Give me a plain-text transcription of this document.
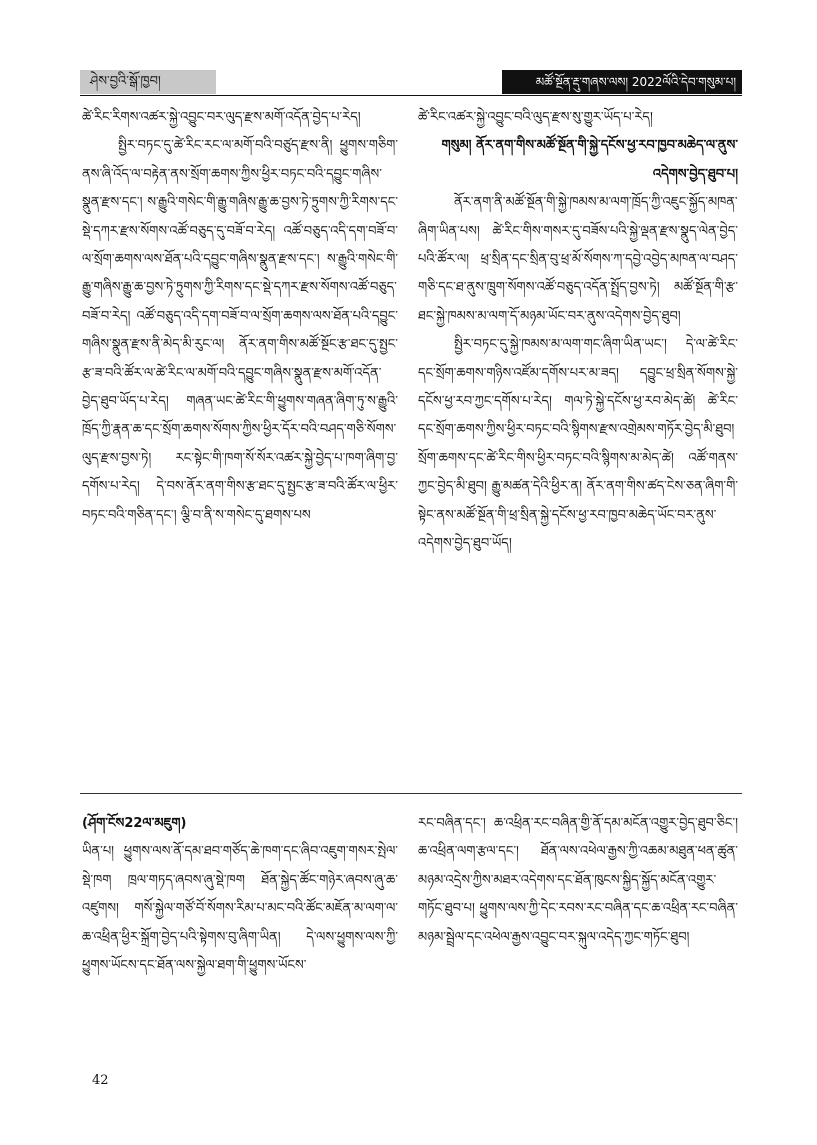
ཤེས་བྱའི་སྒོ་ཁྱབ།	མཚོ་སྔོན་རྡུ་གཞས་ལས། 2022ལོའི་དེབ་གསུམ་པ།

ཚེ་རིང་རིགས་འཚར་སྐྱེ་འབྱུང་བར་ལུད་རྫས་མགོ་འདོན་བྱེད་པ་རེད།

སྤྱིར་བཏང་དུ་ཚེ་རིང་རང་ལ་མགོ་བའི་བཙུད་རྫས་ནི། ཕྱུགས་གཅིག་ནས་ཞི་འོད་ལ་བརྟེན་ནས་སྲོག་ཆགས་ཀྱིས་ཕྱིར་བཏང་བའི་དབྱུང་གཞིས་སྣུན་རྫས་དང་། ས་རྒྱུའི་གསེང་གི་རྒྱུ་གཞིས་རྒྱུ་ཆ་བྱས་ཏེ་ཏྲུགས་ཀྱི་རིགས་དང་སྡེ་དཀར་རྫས་སོགས་འཚོ་བཅུད་དུ་བཟོ་བ་རེད། འཚོ་བཅུད་འདི་དག་བཟོ་བ་ལ་སྲོག་ཆགས་ལས་ཐོན་པའི་དབྱུང་གཞིས་སྣུན་རྫས་དང་། ས་རྒྱུའི་གསེང་གི་རྒྱུ་གཞིས་རྒྱུ་ཆ་བྱས་ཏེ་ཏྲུགས་ཀྱི་རིགས་དང་སྡེ་དཀར་རྫས་སོགས་འཚོ་བཅུད་བཟོ་བ་རེད། འཚོ་བཅུད་འདི་དག་བཟོ་བ་ལ་སྲོག་ཆགས་ལས་ཐོན་པའི་དབྱུང་གཞིས་སྣུན་རྫས་ནི་མེད་མི་རུང་ལ། ནོར་ནག་གིས་མཚོ་སྔོང་རྩ་ཐང་དུ་སྤྱང་རྩ་ཟ་བའི་ཚོར་ལ་ཚེ་རིང་ལ་མགོ་བའི་དབྱུང་གཞིས་སྣུན་རྫས་མགོ་འདོན་བྱེད་ཐུབ་ཡོད་པ་རེད། གཞན་ཡང་ཚེ་རིང་གི་ཕྱུགས་གཞན་ཞིག་ཏུ་ས་རྒྱུའི་ཁྲོད་ཀྱི་རྣན་ཆ་དང་སྲོག་ཆགས་སོགས་ཀྱིས་ཕྱིར་དོར་བའི་བཤད་གཅི་སོགས་ལུད་རྫས་བྱས་ཏེ། རང་སྟེང་གི་ཁག་སོ་སོར་འཚར་སྐྱེ་བྱེད་པ་ཁག་ཞིག་བྱ་དགོས་པ་རེད། དེ་བས་ནོར་ནག་གིས་རྩ་ཐང་དུ་སྤྱང་རྩ་ཟ་བའི་ཚོར་ལ་ཕྱིར་བཏང་བའི་གཅིན་དང་། ལྕི་བ་ནི་ས་གསེང་དུ་ཐགས་པས

ཚེ་རིང་འཚར་སྐྱེ་འབྱུང་བའི་ལུད་རྫས་སུ་གྱུར་ཡོད་པ་རེད།

གསུམ། ནོར་ནག་གིས་མཚོ་སྔོན་གི་སྐྱེ་དངོས་ཕྱ་རབ་ཁྱབ་མཆེད་ལ་ནུས་འདེགས་བྱེད་ཐུབ་པ།

ནོར་ནག་ནི་མཚོ་སྔོན་གི་སྐྱེ་ཁམས་མ་ལག་ཁྲོད་ཀྱི་འཇུང་སྐྱོད་མཁན་ཞིག་ཡིན་པས། ཚེ་རིང་གིས་གསར་དུ་བཟོས་པའི་སྐྱེ་ལྡན་རྫས་སྣུད་ལེན་བྱེད་པའི་ཚོར་ལ། ཕྲ་སྲིན་དང་སྲིན་བུ་ཕྲ་མོ་སོགས་ཀ་དབྱེ་འབྱེད་མཁན་ལ་བཤད་གཅི་དང་ཐ་ནུས་ཁྲུག་སོགས་འཚོ་བཅུད་འདོན་སྤྲོད་བྱས་ཏེ། མཚོ་སྔོན་གི་རྩ་ཐང་སྐྱེ་ཁམས་མ་ལག་དོ་མཉམ་ཡོང་བར་ནུས་འདེགས་བྱེད་ཐུབ།

སྤྱིར་བཏང་དུ་སྐྱེ་ཁམས་མ་ལག་གང་ཞིག་ཡིན་ཡང་། དེ་ལ་ཚེ་རིང་དང་སྲོག་ཆགས་གཉིས་འཛོམ་དགོས་པར་མ་ཟད། དབྱུང་ཕྲ་སྲིན་སོགས་སྐྱེ་དངོས་ཕྱ་རབ་ཀྱང་དགོས་པ་རེད། གལ་ཏེ་སྐྱེ་དངོས་ཕྱ་རབ་མེད་ཚེ། ཚེ་རིང་དང་སྲོག་ཆགས་ཀྱིས་ཕྱིར་བཏང་བའི་སྙིགས་རྫས་འགྲེམས་གཏོར་བྱེད་མི་ཐུབ། སྲོག་ཆགས་དང་ཚེ་རིང་གིས་ཕྱིར་བཏང་བའི་སྙིགས་མ་མེད་ཚེ། འཚོ་གནས་ཀྱང་བྱེད་མི་ཐུབ། རྒྱུ་མཚན་དེའི་ཕྱིར་ན། ནོར་ནག་གིས་ཚད་ངེས་ཅན་ཞིག་གི་སྟེང་ནས་མཚོ་སྔོན་གི་ཕྲ་སྲིན་སྐྱེ་དངོས་ཕྱ་རབ་ཁྱབ་མཆེད་ཡོང་བར་ནུས་འདེགས་བྱེད་ཐུབ་ཡོད།

(ཤོག་ངོས22ལ་མཇུག)

ཡིན་པ། ཕྱུགས་ལས་ནོ་དམ་ཐབ་གཙོད་ཆེ་ཁག་དང་ཞིབ་འཇུག་གསར་སྤེལ་སྡེ་ཁག ཁྲལ་གཏད་ཞབས་ཞུ་སྡེ་ཁག ཐོན་སྐྱེད་ཚོང་གཉེར་ཞབས་ཞུ་ཆ་འཛུགས། གསོ་སྐྱེལ་གཙོ་བོ་སོགས་རིམ་པ་མང་བའི་ཚོང་མཇོན་མ་ལག་ལ་ཆ་འཕྲིན་ཕྱིར་སྐྲོག་བྱེད་པའི་སྟེགས་བུ་ཞིག་ཡིན། དེ་ལས་ཕྱུགས་ལས་ཀྱི་ཕྱུགས་ཡོངས་དང་ཐོན་ལས་སྐྱེལ་ཐག་གི་ཕྱུགས་ཡོངས་

རང་བཞིན་དང་། ཆ་འཕྲིན་རང་བཞིན་གྱི་ནོ་དམ་མངོན་འགྱུར་བྱེད་ཐུབ་ཅིང་། ཆ་འཕྲིན་ལག་རྩལ་དང་། ཐོན་ལས་འཕེལ་རྒྱས་ཀྱི་འཆམ་མཐུན་ཕན་ཚུན་མཉམ་འདྲེས་ཀྱིས་མཐར་འདེགས་དང་ཐོན་ཁུངས་སྐྱིད་སྐྱོད་མངོན་འགྱུར་གཏོང་ཐུབ་པ། ཕྱུགས་ལས་ཀྱི་དེང་རབས་རང་བཞིན་དང་ཆ་འཕྲིན་རང་བཞིན་མཉམ་སྦྲེལ་དང་འཕེལ་རྒྱས་འབྱུང་བར་སྐུལ་འདེད་ཀྱང་གཏོང་ཐུབ།

42
